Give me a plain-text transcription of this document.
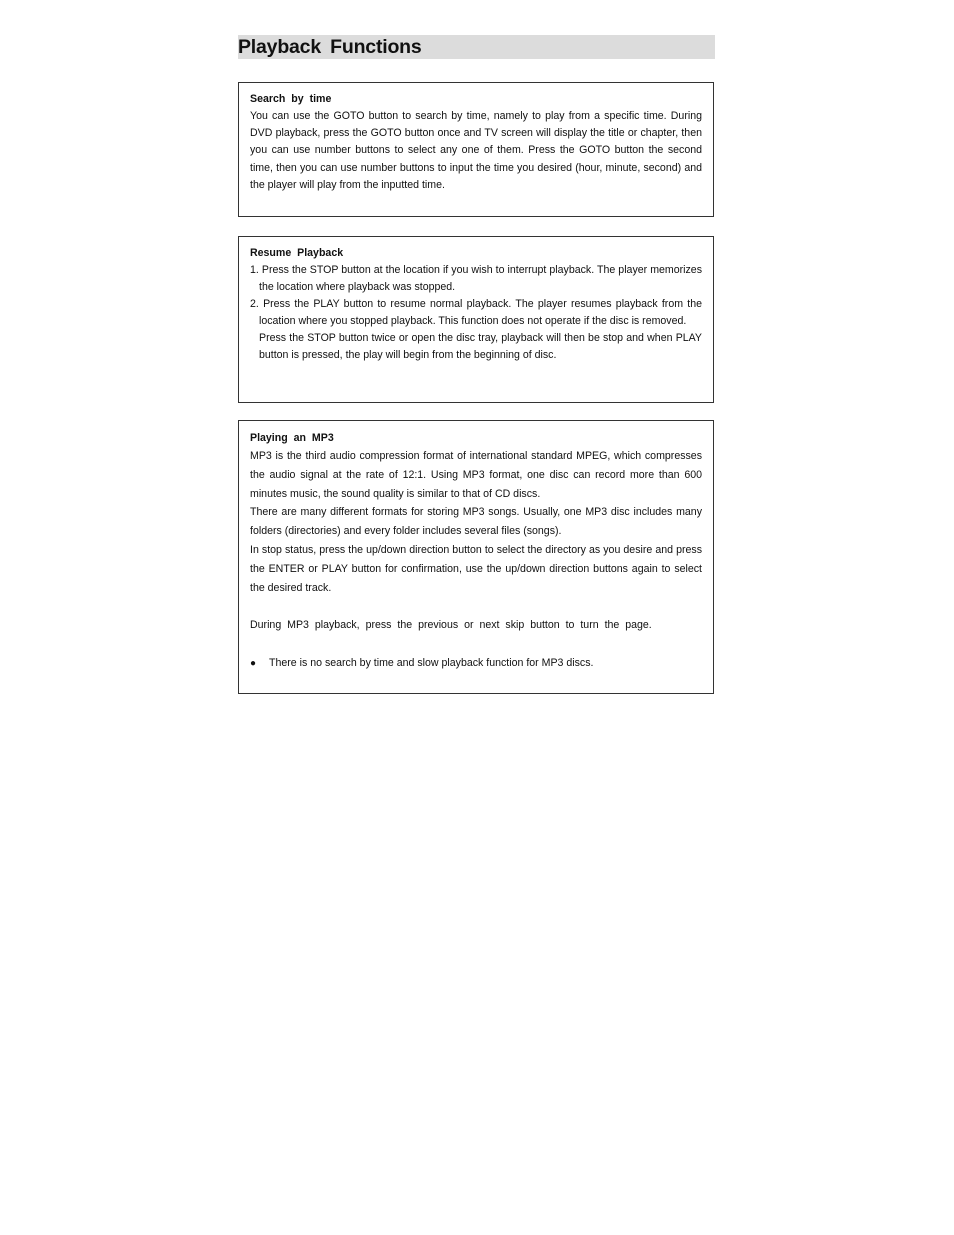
Playback Functions
Search by time

You can use the GOTO button to search by time, namely to play from a specific time. During DVD playback, press the GOTO button once and TV screen will display the title or chapter, then you can use number buttons to select any one of them. Press the GOTO button the second time, then you can use number buttons to input the time you desired (hour, minute, second) and the player will play from the inputted time.

Resume Playback

1. Press the STOP button at the location if you wish to interrupt playback. The player memorizes the location where playback was stopped.

2. Press the PLAY button to resume normal playback. The player resumes playback from the location where you stopped playback. This function does not operate if the disc is removed.

Press the STOP button twice or open the disc tray, playback will then be stop and when PLAY button is pressed, the play will begin from the beginning of disc.

Playing an MP3

MP3 is the third audio compression format of international standard MPEG, which compresses the audio signal at the rate of 12:1. Using MP3 format, one disc can record more than 600 minutes music, the sound quality is similar to that of CD discs.

There are many different formats for storing MP3 songs. Usually, one MP3 disc includes many folders (directories) and every folder includes several files (songs).

In stop status, press the up/down direction button to select the directory as you desire and press the ENTER or PLAY button for confirmation, use the up/down direction buttons again to select the desired track.

During MP3 playback, press the previous or next skip button to turn the page.

●	There is no search by time and slow playback function for MP3 discs.
